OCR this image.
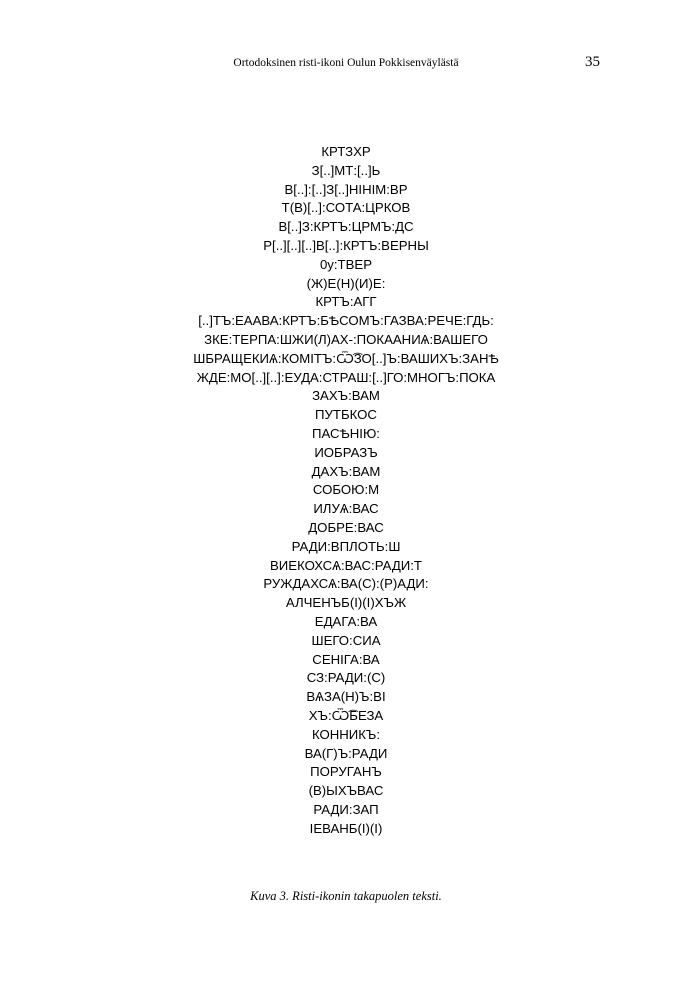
Ortodoksinen risti-ikoni Oulun Pokkisenväylästä	35
КРТЗХР
З[..]МТ:[..]Ь
В[..]:[..]З[..]НІНІМ:ВР
Т(В)[..]:СОТА:ЦРКОВ
В[..]З:КРТЪ:ЦРМЪ:ДС
Р[..][..][..]В[..]:КРТЪ:ВЕРНЫ
0у:ТВЕР
(Ж)Е(Н)(И)Е:
КРТЪ:АГГ
[..]ТЪ:ЕААВА:КРТЪ:БѢСОМЪ:ГАЗВА:РЕЧЕ:ГДЬ:
ЗКЕ:ТЕРПА:ШЖИ(Л)АХ-:ПОКААНИѦ:ВАШЕГО
ШБРАЩЕКИѦ:КОМІТЪ:Ѿ͡ЗО[..]Ъ:ВАШИХЪ:ЗАНѢ
ЖДЕ:МО[..][..]:ЕУДА:СТРАШ:[..]ГО:МНОГЪ:ПОКА
ЗАХЪ:ВАМ
ПУТБКОС
ПАСѢНІЮ:
ИОБРАЗЪ
ДАХЪ:ВАМ
СОБОЮ:М
ИЛУѦ:ВАС
ДОБРЕ:ВАС
РАДИ:ВПЛОТЬ:Ш
ВИЕКОХСѦ:ВАС:РАДИ:Т
РУЖДАХСѦ:ВА(С):(Р)АДИ:
АЛЧЕНЪБ(І)(І)ХЪЖ
ЕДАГА:ВА
ШЕГО:СИА
СЕНІГА:ВА
СЗ:РАДИ:(С)
ВѦЗА(Н)Ъ:ВІ
ХЪ:Ѿ͡БЕЗА
КОННИКЪ:
ВА(Г)Ъ:РАДИ
ПОРУГАНЪ
(В)ЫХЪВАС
РАДИ:ЗАП
ІЕВАНБ(І)(І)
Kuva 3. Risti-ikonin takapuolen teksti.
